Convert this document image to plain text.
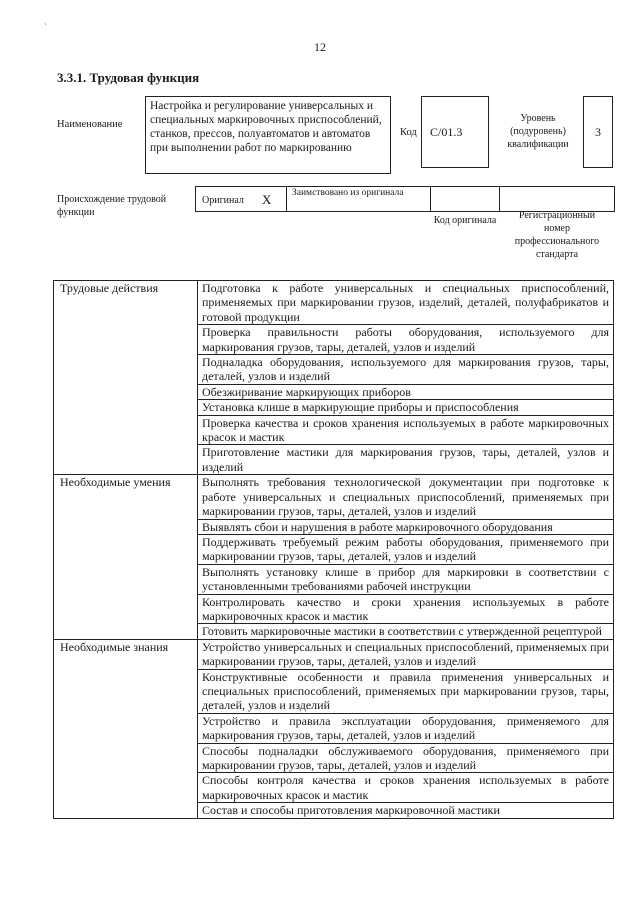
`
12
3.3.1. Трудовая функция
Наименование
Настройка и регулирование универсальных и специальных маркировочных приспособлений, станков, прессов, полуавтоматов и автоматов при выполнении работ по маркированию
Код C/01.3
Уровень (подуровень) квалификации
3
Происхождение трудовой функции
Оригинал X Заимствовано из оригинала
Код оригинала	Регистрационный номер профессионального стандарта
Трудовые действия	Подготовка к работе универсальных и специальных приспособлений, применяемых при маркировании грузов, изделий, деталей, полуфабрикатов и готовой продукции
	Проверка правильности работы оборудования, используемого для маркирования грузов, тары, деталей, узлов и изделий
	Подналадка оборудования, используемого для маркирования грузов, тары, деталей, узлов и изделий
	Обезжиривание маркирующих приборов
	Установка клише в маркирующие приборы и приспособления
	Проверка качества и сроков хранения используемых в работе маркировочных красок и мастик
	Приготовление мастики для маркирования грузов, тары, деталей, узлов и изделий
Необходимые умения	Выполнять требования технологической документации при подготовке к работе универсальных и специальных приспособлений, применяемых при маркировании грузов, тары, деталей, узлов и изделий
	Выявлять сбои и нарушения в работе маркировочного оборудования
	Поддерживать требуемый режим работы оборудования, применяемого при маркировании грузов, тары, деталей, узлов и изделий
	Выполнять установку клише в прибор для маркировки в соответствии с установленными требованиями рабочей инструкции
	Контролировать качество и сроки хранения используемых в работе маркировочных красок и мастик
	Готовить маркировочные мастики в соответствии с утвержденной рецептурой
Необходимые знания	Устройство универсальных и специальных приспособлений, применяемых при маркировании грузов, тары, деталей, узлов и изделий
	Конструктивные особенности и правила применения универсальных и специальных приспособлений, применяемых при маркировании грузов, тары, деталей, узлов и изделий
	Устройство и правила эксплуатации оборудования, применяемого для маркирования грузов, тары, деталей, узлов и изделий
	Способы подналадки обслуживаемого оборудования, применяемого при маркировании грузов, тары, деталей, узлов и изделий
	Способы контроля качества и сроков хранения используемых в работе маркировочных красок и мастик
	Состав и способы приготовления маркировочной мастики
